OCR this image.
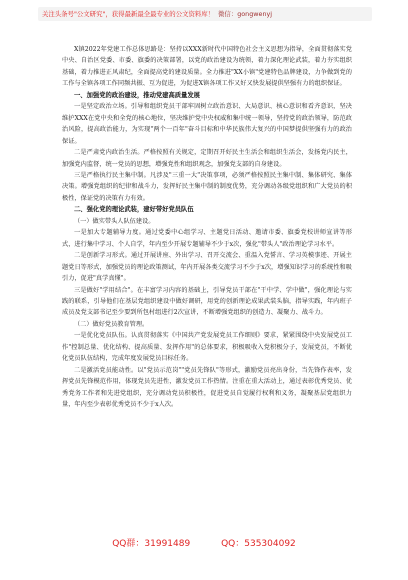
关注头条号"公文研究"，获得最新最全最专业的公文资料库！ 微信：gongwenyj

X镇2022年党建工作总体思路是：坚持以XXX新时代中国特色社会主义思想为指导，全面贯彻落实党中央、自治区党委、市委、旗委的决策部署，以党的政治建设为统领，着力深化理论武装，着力夯实组织基础，着力推进正风肃纪，全面提高党的建设质量。全力推进"XX小镇"党建特色品牌建设，力争做到党的工作与全镇各项工作同频共振、互为促进，为促进X镇各项工作又好又快发展提供坚强有力的组织保证。

一、加强党的政治建设，推动党建高质量发展

一是坚定政治立场。引导和组织党员干部牢固树立政治意识、大局意识、核心意识和看齐意识，坚决维护XXX在党中央和全党的核心地位，坚决维护党中央权威和集中统一领导，坚持党的政治领导，防范政治风险，提高政治能力，为实现"两个一百年"奋斗目标和中华民族伟大复兴的中国梦提供坚强有力的政治保证。

二是严肃党内政治生活。严格按照有关规定，定期召开好民主生活会和组织生活会，发扬党内民主，加强党内监督，统一党员的思想，增强党性和组织观念，加强党支部的自身建设。

三是严格执行民主集中制。凡涉及"三重一大"决策事项，必须严格按照民主集中制、集体研究、集体决策。增强党组织的纪律和战斗力，发挥好民主集中制的制度优势，充分调动各级党组织和广大党员的积极性，保证党的决策有力有效。

二、强化党的理论武装，建好带好党员队伍

（一）做实带头人队伍建设。

一是加大专题辅导力度。通过党委中心组学习、主题党日活动、邀请市委、旗委党校讲师宣讲等形式，进行集中学习、个人自学，年内至少开展专题辅导不少于x次，强化"带头人"政治理论学习水平。

二是创新学习形式。通过开展讲座、外出学习、召开交流会、重温入党誓言、学习英模事迹、开展主题党日等形式，加强党员的理论政策测试，年内开展各类交流学习不少于x次，增强知识学习的系统性和吸引力，促进"真学真懂"。

三是做好"学用结合"。在丰富学习内容的基础上，引导党员干部在"干中学、学中做"，强化理论与实践的联系，引导他们在基层党组织建设中做好调研，用党的创新理论成果武装头脑，指导实践，年内班子成员及党支部书记至少要到所包村组进行2次宣讲，不断增强党组织的创造力、凝聚力、战斗力。

（二）做好党员教育管理。

一是优化党员队伍。认真贯彻落实《中国共产党发展党员工作细则》要求，紧紧围绕中央发展党员工作"控制总量、优化结构、提高质量、发挥作用"的总体要求，积极吸收入党积极分子，发展党员，不断优化党员队伍结构，完成年度发展党员目标任务。

二是激活党员能动性。以"党员示范岗""党员先锋队"等形式，激励党员亮出身份，当先锋作表率，发挥党员先锋模范作用，体现党员先进性，激发党员工作热情。注重在重大活动上，通过表彰优秀党员、优秀党务工作者和先进党组织，充分调动党员积极性，促进党员自觉履行权利和义务，凝聚基层党组织力量，年内至少表彰优秀党员不少于x人次。

QQ群：31991489	QQ：535304092
